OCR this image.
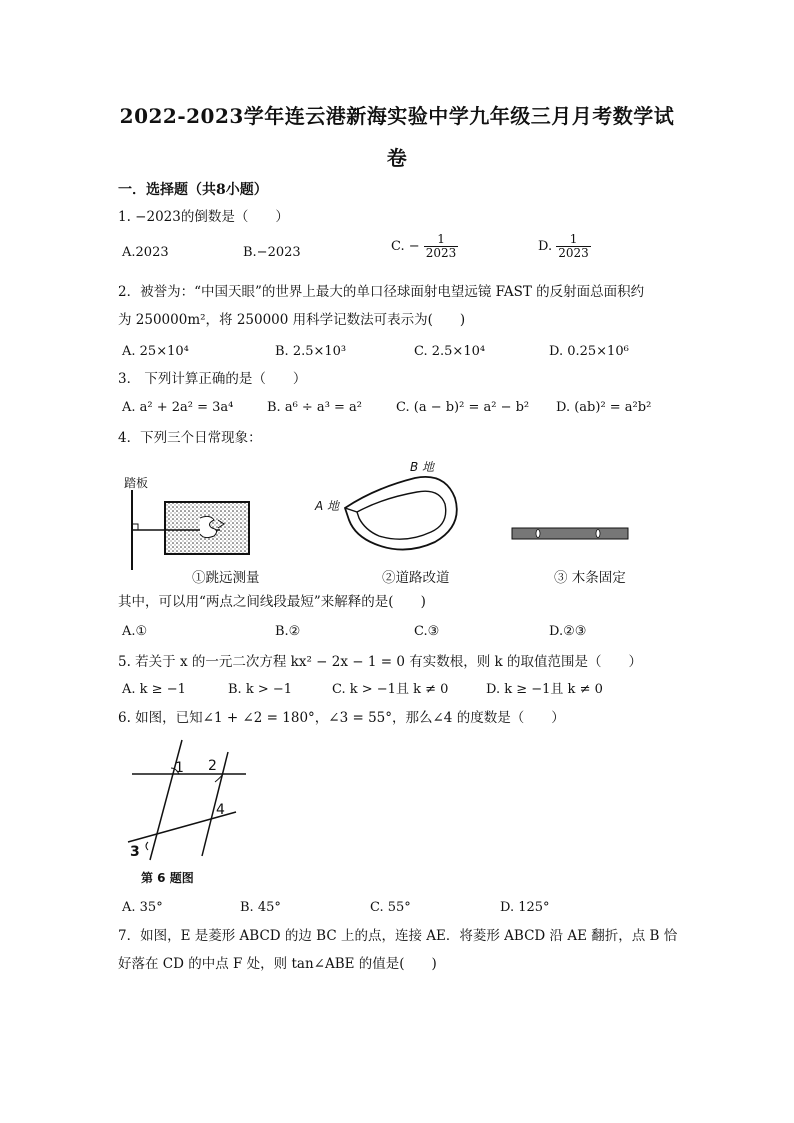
2022-2023学年连云港新海实验中学九年级三月月考数学试
卷
一．选择题（共8小题）
1. −2023的倒数是（　　）
A.2023	B.−2023	C. − $\frac{1}{2023}$	D. $\frac{1}{2023}$
2．被誉为：“中国天眼”的世界上最大的单口径球面射电望远镜 FAST 的反射面总面积约
为 250000m²，将 250000 用科学记数法可表示为(　　)
A. 25×10⁴	B. 2.5×10³	C. 2.5×10⁴	D. 0.25×10⁶
3． 下列计算正确的是（　　）
A. a² + 2a² = 3a⁴	B. a⁶ ÷ a³ = a²	C. (a − b)² = a² − b² D. (ab)² = a²b²
4．下列三个日常现象：
踏板
①跳远测量
B 地
A 地
②道路改道	③ 木条固定
其中，可以用“两点之间线段最短”来解释的是(　　)
A.①	B.②	C.③	D.②③
5. 若关于 x 的一元二次方程 kx² − 2x − 1 = 0 有实数根，则 k 的取值范围是（　　）
A. k ≥ −1	B. k > −1	C. k > −1且 k ≠ 0	D. k ≥ −1且 k ≠ 0
6. 如图，已知∠1 + ∠2 = 180°，∠3 = 55°，那么∠4 的度数是（　　）
1 2
4
3
第 6 题图
A. 35°	B. 45°	C. 55°	D. 125°
7．如图，E 是菱形 ABCD 的边 BC 上的点，连接 AE．将菱形 ABCD 沿 AE 翻折，点 B 恰
好落在 CD 的中点 F 处，则 tan∠ABE 的值是(　　)
